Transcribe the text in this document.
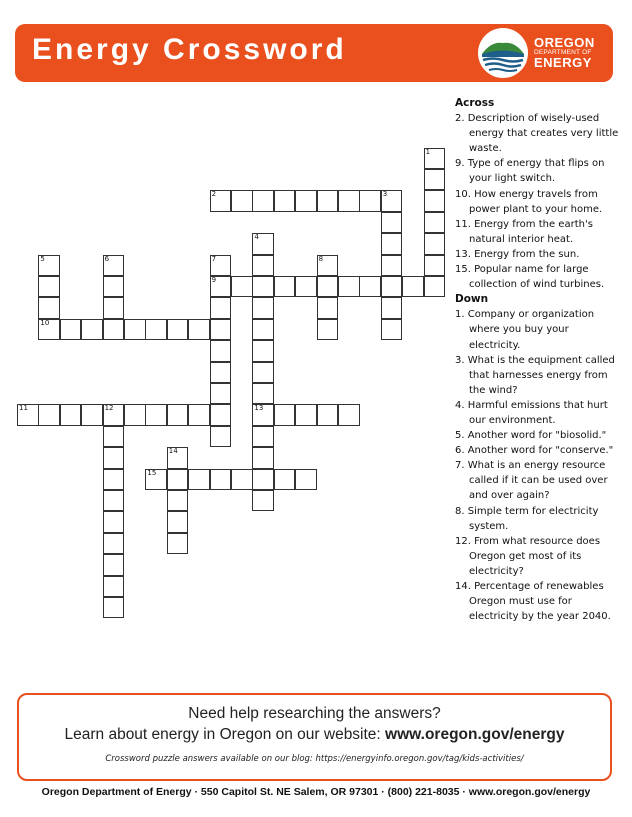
Energy Crossword	OREGON
DEPARTMENT OF
ENERGY
1
2	3
4
13
5
10
6	7
9
8
11	12
14
15
Across
2. Description of wisely-used energy that creates very little waste.
9. Type of energy that flips on your light switch.
10. How energy travels from power plant to your home.
11. Energy from the earth's natural interior heat.
13. Energy from the sun.
15. Popular name for large collection of wind turbines.
Down
1. Company or organization where you buy your electricity.
3. What is the equipment called that harnesses energy from the wind?
4. Harmful emissions that hurt our environment.
5. Another word for "biosolid."
6. Another word for "conserve."
7. What is an energy resource called if it can be used over and over again?
8. Simple term for electricity system.
12. From what resource does Oregon get most of its electricity?
14. Percentage of renewables Oregon must use for electricity by the year 2040.
Need help researching the answers?
Learn about energy in Oregon on our website: www.oregon.gov/energy
Crossword puzzle answers available on our blog: https://energyinfo.oregon.gov/tag/kids-activities/
Oregon Department of Energy · 550 Capitol St. NE Salem, OR 97301 · (800) 221-8035 · www.oregon.gov/energy
